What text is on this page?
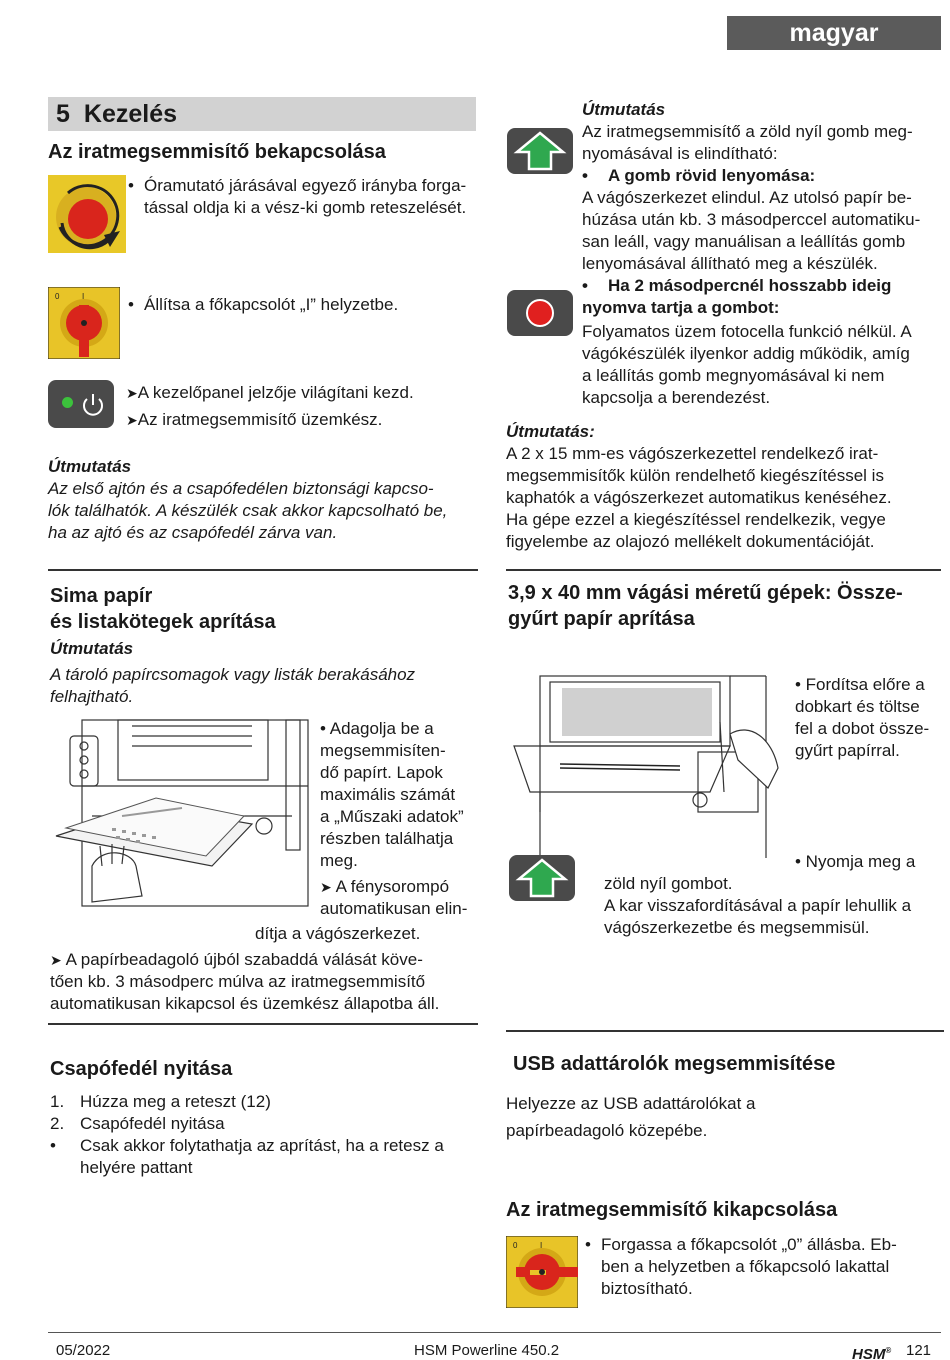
magyar
5 Kezelés
Az iratmegsemmisítő bekapcsolása
• Óramutató járásával egyező irányba forga-
tással oldja ki a vész-ki gomb reteszelését.
0	I	• Állítsa a főkapcsolót „I” helyzetbe.
➤A kezelőpanel jelzője világítani kezd.
➤Az iratmegsemmisítő üzemkész.
Útmutatás
Az első ajtón és a csapófedélen biztonsági kapcso-
lók találhatók. A készülék csak akkor kapcsolható be,
ha az ajtó és az csapófedél zárva van.
Útmutatás
Az iratmegsemmisítő a zöld nyíl gomb meg-
nyomásával is elindítható:
• A gomb rövid lenyomása:
A vágószerkezet elindul. Az utolsó papír be-
húzása után kb. 3 másodperccel automatiku-
san leáll, vagy manuálisan a leállítás gomb
lenyomásával állítható meg a készülék.
• Ha 2 másodpercnél hosszabb ideig
nyomva tartja a gombot:
Folyamatos üzem fotocella funkció nélkül. A
vágókészülék ilyenkor addig működik, amíg
a leállítás gomb megnyomásával ki nem
kapcsolja a berendezést.
Útmutatás:
A 2 x 15 mm-es vágószerkezettel rendelkező irat-
megsemmisítők külön rendelhető kiegészítéssel is
kaphatók a vágószerkezet automatikus kenéséhez.
Ha gépe ezzel a kiegészítéssel rendelkezik, vegye
figyelembe az olajozó mellékelt dokumentációját.
Sima papír
és listakötegek aprítása
Útmutatás
A tároló papírcsomagok vagy listák berakásához
felhajtható.
• Adagolja be a
megsemmisíten-
dő papírt. Lapok
maximális számát
a „Műszaki adatok”
részben találhatja
meg.
➤ A fénysorompó
automatikusan elin-
dítja a vágószerkezet.
➤ A papírbeadagoló újból szabaddá válását köve-
tően kb. 3 másodperc múlva az iratmegsemmisítő
automatikusan kikapcsol és üzemkész állapotba áll.
3,9 x 40 mm vágási méretű gépek: Össze-
gyűrt papír aprítása
• Fordítsa előre a
dobkart és töltse
fel a dobot össze-
gyűrt papírral.
• Nyomja meg a
zöld nyíl gombot.
A kar visszafordításával a papír lehullik a
vágószerkezetbe és megsemmisül.
Csapófedél nyitása
1. Húzza meg a reteszt (12)
2. Csapófedél nyitása
• Csak akkor folytathatja az aprítást, ha a retesz a
helyére pattant
USB adattárolók megsemmisítése
Helyezze az USB adattárolókat a
papírbeadagoló közepébe.
Az iratmegsemmisítő kikapcsolása
0	I	• Forgassa a főkapcsolót „0” állásba. Eb-
ben a helyzetben a főkapcsoló lakattal
biztosítható.
05/2022	HSM Powerline 450.2	HSM® 121
